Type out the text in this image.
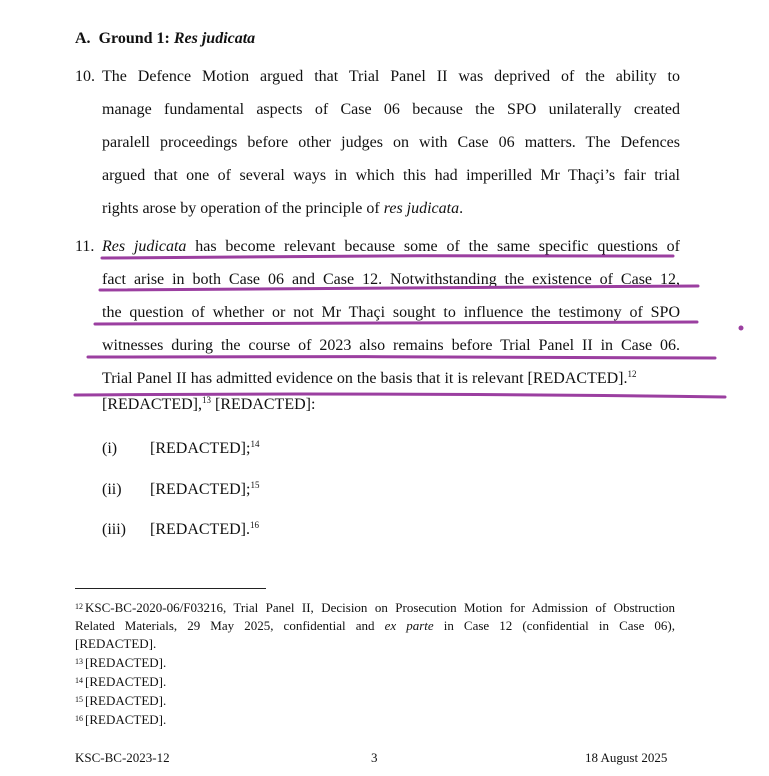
A. Ground 1: Res judicata
10. The Defence Motion argued that Trial Panel II was deprived of the ability to
manage fundamental aspects of Case 06 because the SPO unilaterally created
paralell proceedings before other judges on with Case 06 matters. The Defences
argued that one of several ways in which this had imperilled Mr Thaçi’s fair trial
rights arose by operation of the principle of res judicata.
11. Res judicata has become relevant because some of the same specific questions of
fact arise in both Case 06 and Case 12. Notwithstanding the existence of Case 12,
the question of whether or not Mr Thaçi sought to influence the testimony of SPO
witnesses during the course of 2023 also remains before Trial Panel II in Case 06.
Trial Panel II has admitted evidence on the basis that it is relevant [REDACTED].$^{12}$
[REDACTED],$^{13}$ [REDACTED]:
(i) [REDACTED];$^{14}$
(ii) [REDACTED];$^{15}$
(iii) [REDACTED].$^{16}$
$^{12}$ KSC-BC-2020-06/F03216, Trial Panel II, Decision on Prosecution Motion for Admission of Obstruction
Related Materials, 29 May 2025, confidential and ex parte in Case 12 (confidential in Case 06),
[REDACTED].
$^{13}$ [REDACTED].
$^{14}$ [REDACTED].
$^{15}$ [REDACTED].
$^{16}$ [REDACTED].
KSC-BC-2023-12	3	18 August 2025
